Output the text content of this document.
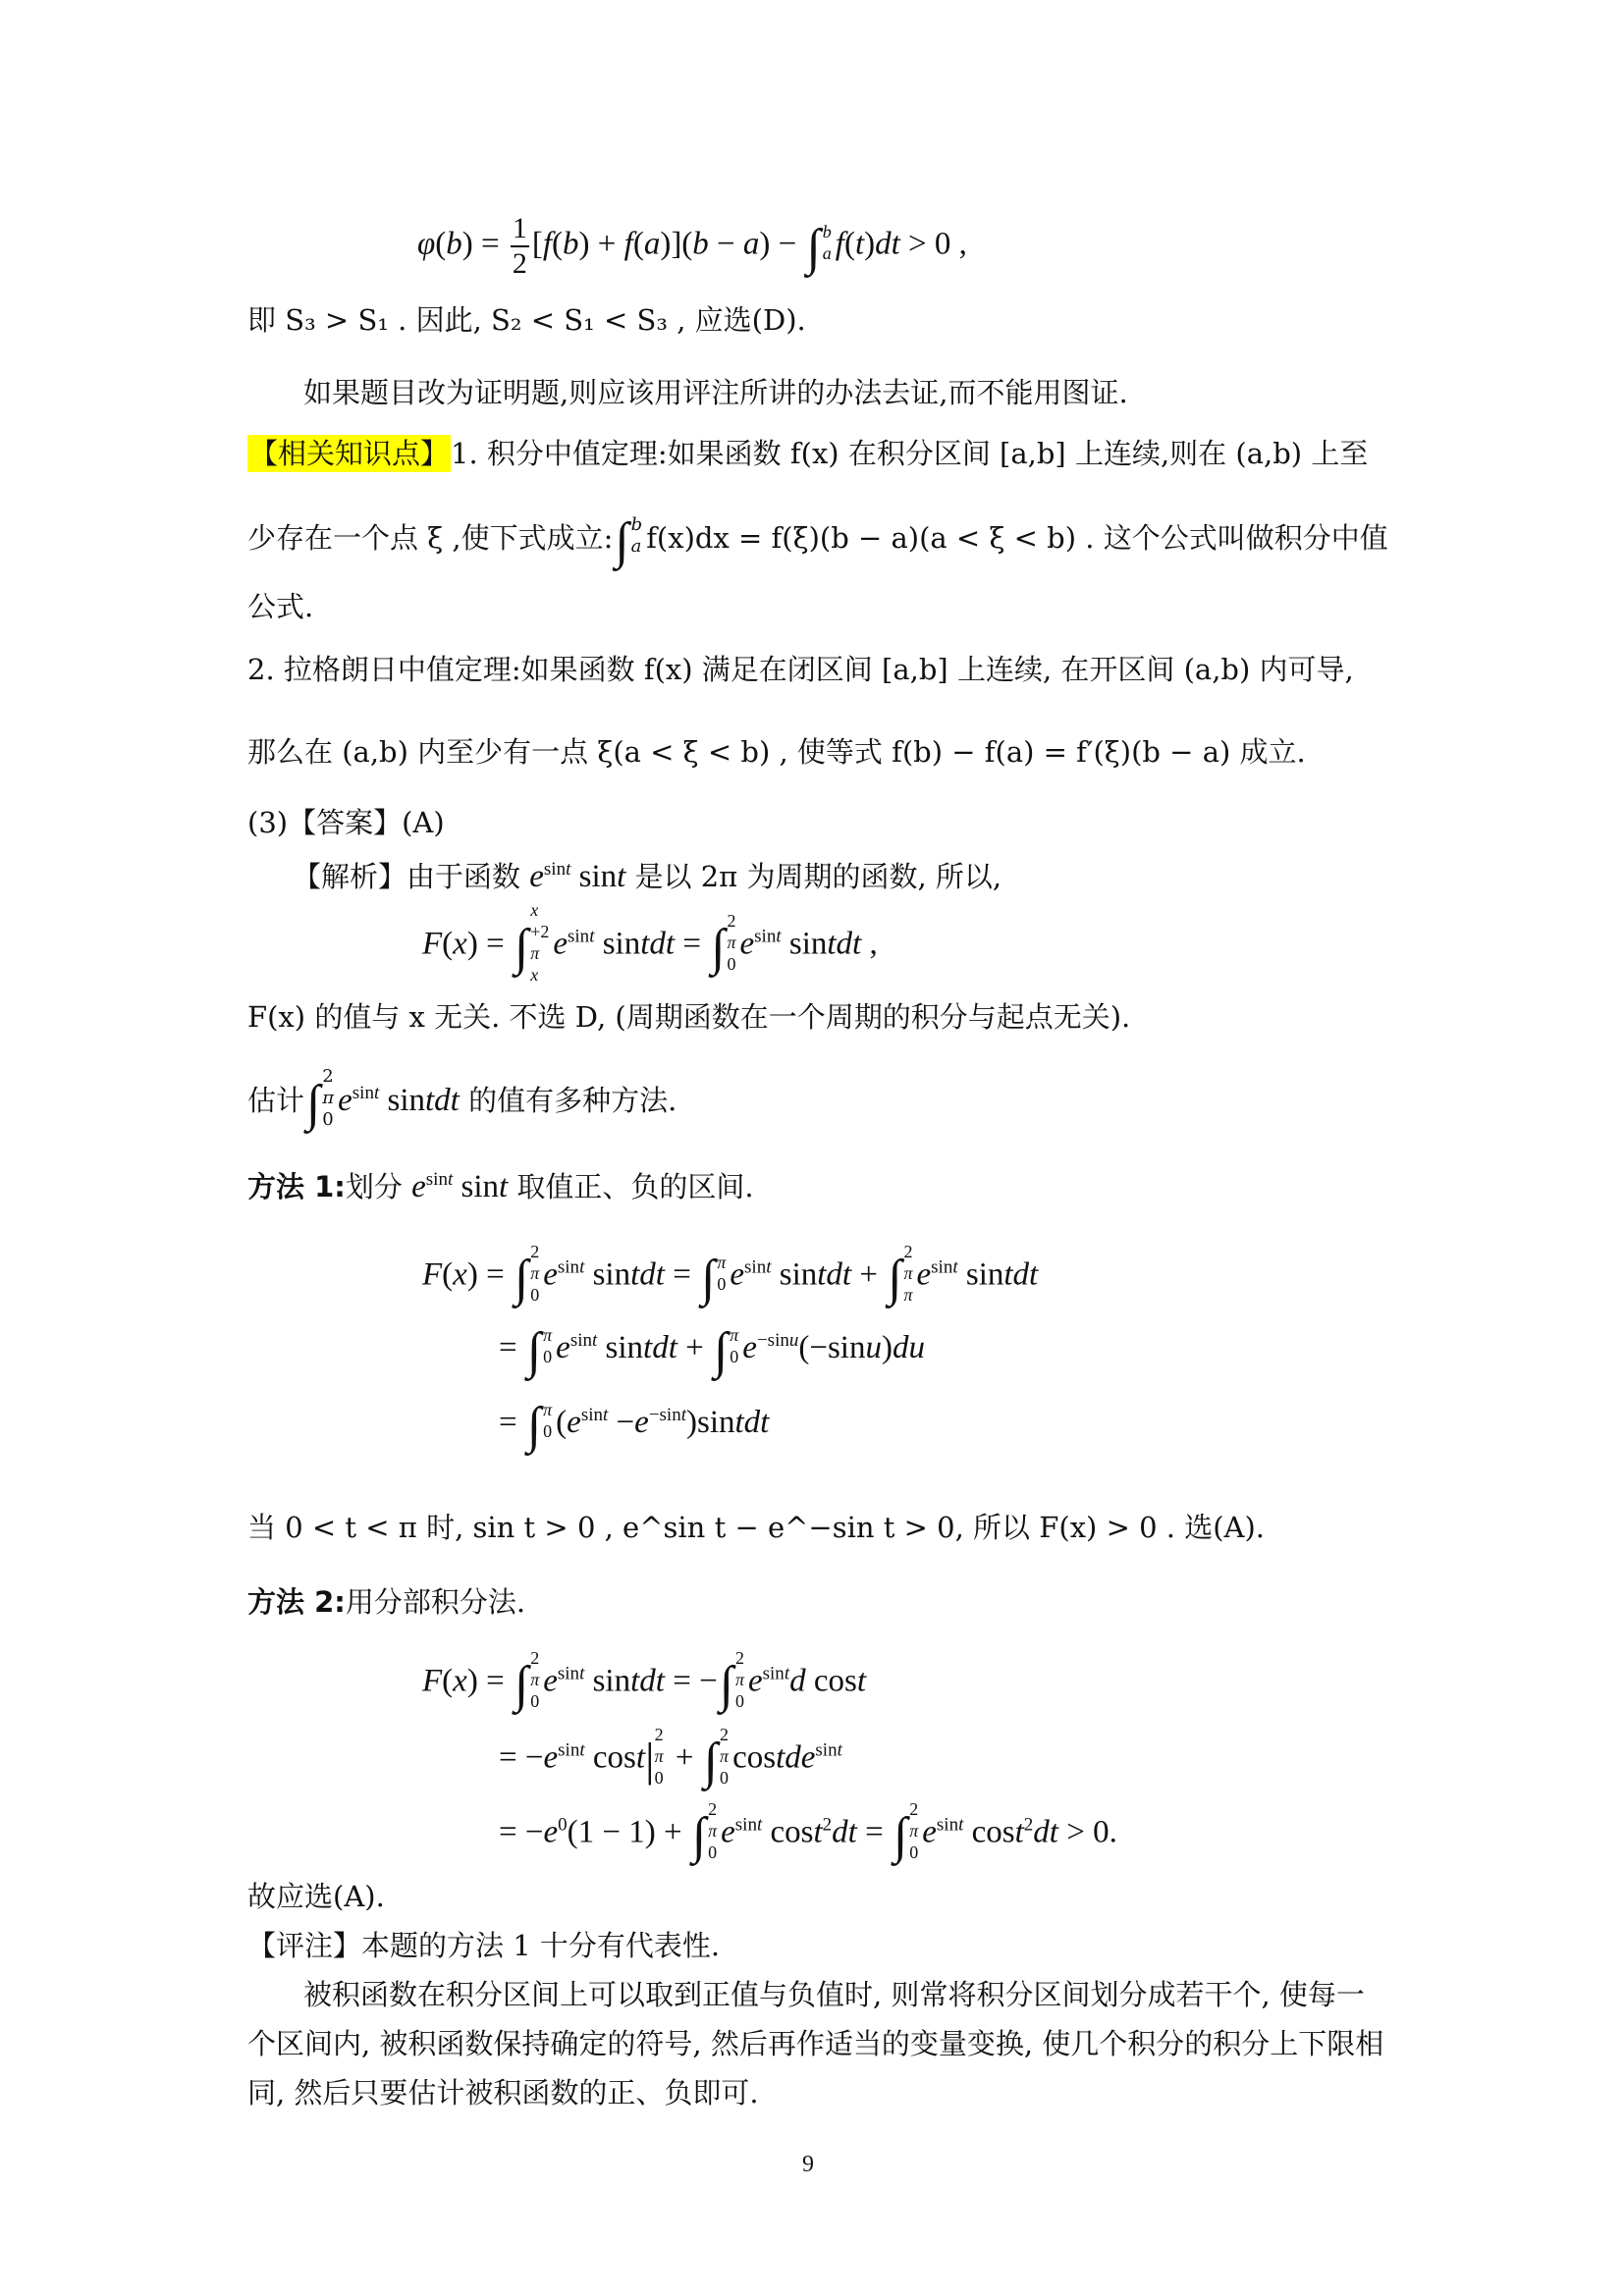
$\varphi(b) = \frac{1}{2} [f(b) + f(a)](b - a)$ − ∫ b
a f(t)dt > 0 ,
即 S₃ > S₁ . 因此, S₂ < S₁ < S₃ , 应选(D).
如果题目改为证明题,则应该用评注所讲的办法去证,而不能用图证.
【相关知识点】1. 积分中值定理:如果函数 f(x) 在积分区间 [a,b] 上连续,则在 (a,b) 上至
少存在一个点 ξ ,使下式成立:∫ b
a f(x)dx = f(ξ)(b − a)(a < ξ < b) . 这个公式叫做积分中值
公式.
2. 拉格朗日中值定理:如果函数 f(x) 满足在闭区间 [a,b] 上连续, 在开区间 (a,b) 内可导,
那么在 (a,b) 内至少有一点 ξ(a < ξ < b) , 使等式 f(b) − f(a) = f′(ξ)(b − a) 成立.
(3)【答案】(A)
【解析】由于函数 $e^{sint}$ sint 是以 2π 为周期的函数, 所以,
F(x) = ∫
x
+2
π
x
$e^{sint}$ sintdt = ∫ 2
π
0
$e^{sint}$ sintdt ,
F(x) 的值与 x 无关. 不选 D, (周期函数在一个周期的积分与起点无关).
估计∫ 2
π
0
$e^{sint}$ sintdt 的值有多种方法.
方法 1:划分 $e^{sint}$ sint 取值正、负的区间.
F(x) = ∫ 2
π
0
$e^{sint}$ sintdt = ∫ π
0 $e^{sint}$ sintdt + ∫ 2
π
π
$e^{sint}$ sintdt
= ∫ π
0 $e^{sint}$ sintdt + ∫ π
0 $e^{-sinu}(-\sin u)du$
= ∫ π
0 ($e^{sint}$ $-e^{-sint})sintdt$
当 0 < t < π 时, sin t > 0 , e^sin t − e^−sin t > 0, 所以 F(x) > 0 . 选(A).
方法 2:用分部积分法.
F(x) = ∫ 2
π
0
$e^{sint}$ sintdt = −∫ 2
π
0
$e^{sint}d$ cost
= $-e^{sint}$ cost| 2
π
0
+ ∫ 2
π
0
costde$^{sint}$
= $-e^0(1 - 1)$ + ∫ 2
π
0
$e^{sint}$ cost$^2$dt = ∫ 2
π
0
$e^{sint}$ cost$^2$dt > 0.
故应选(A).
【评注】本题的方法 1 十分有代表性.
被积函数在积分区间上可以取到正值与负值时, 则常将积分区间划分成若干个, 使每一
个区间内, 被积函数保持确定的符号, 然后再作适当的变量变换, 使几个积分的积分上下限相
同, 然后只要估计被积函数的正、负即可.
9
